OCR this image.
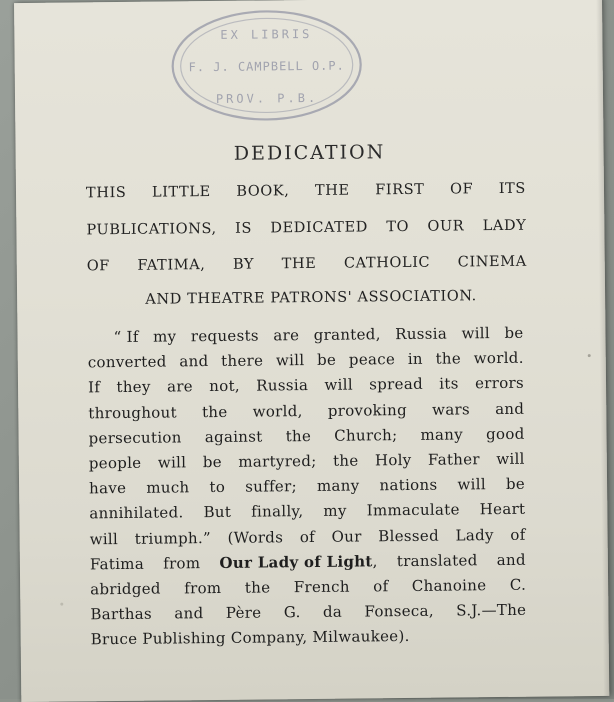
EX LIBRIS
F. J. CAMPBELL O.P.
PROV. P.B.
DEDICATION
THIS LITTLE BOOK, THE FIRST OF ITS
PUBLICATIONS, IS DEDICATED TO OUR LADY
OF FATIMA, BY THE CATHOLIC CINEMA
AND THEATRE PATRONS' ASSOCIATION.
“ If my requests are granted, Russia will be
converted and there will be peace in the world.
If they are not, Russia will spread its errors
throughout the world, provoking wars and
persecution against the Church; many good
people will be martyred; the Holy Father will
have much to suffer; many nations will be
annihilated. But finally, my Immaculate Heart
will triumph.” (Words of Our Blessed Lady of
Fatima from Our Lady of Light, translated and
abridged from the French of Chanoine C.
Barthas and Père G. da Fonseca, S.J.—The
Bruce Publishing Company, Milwaukee).
